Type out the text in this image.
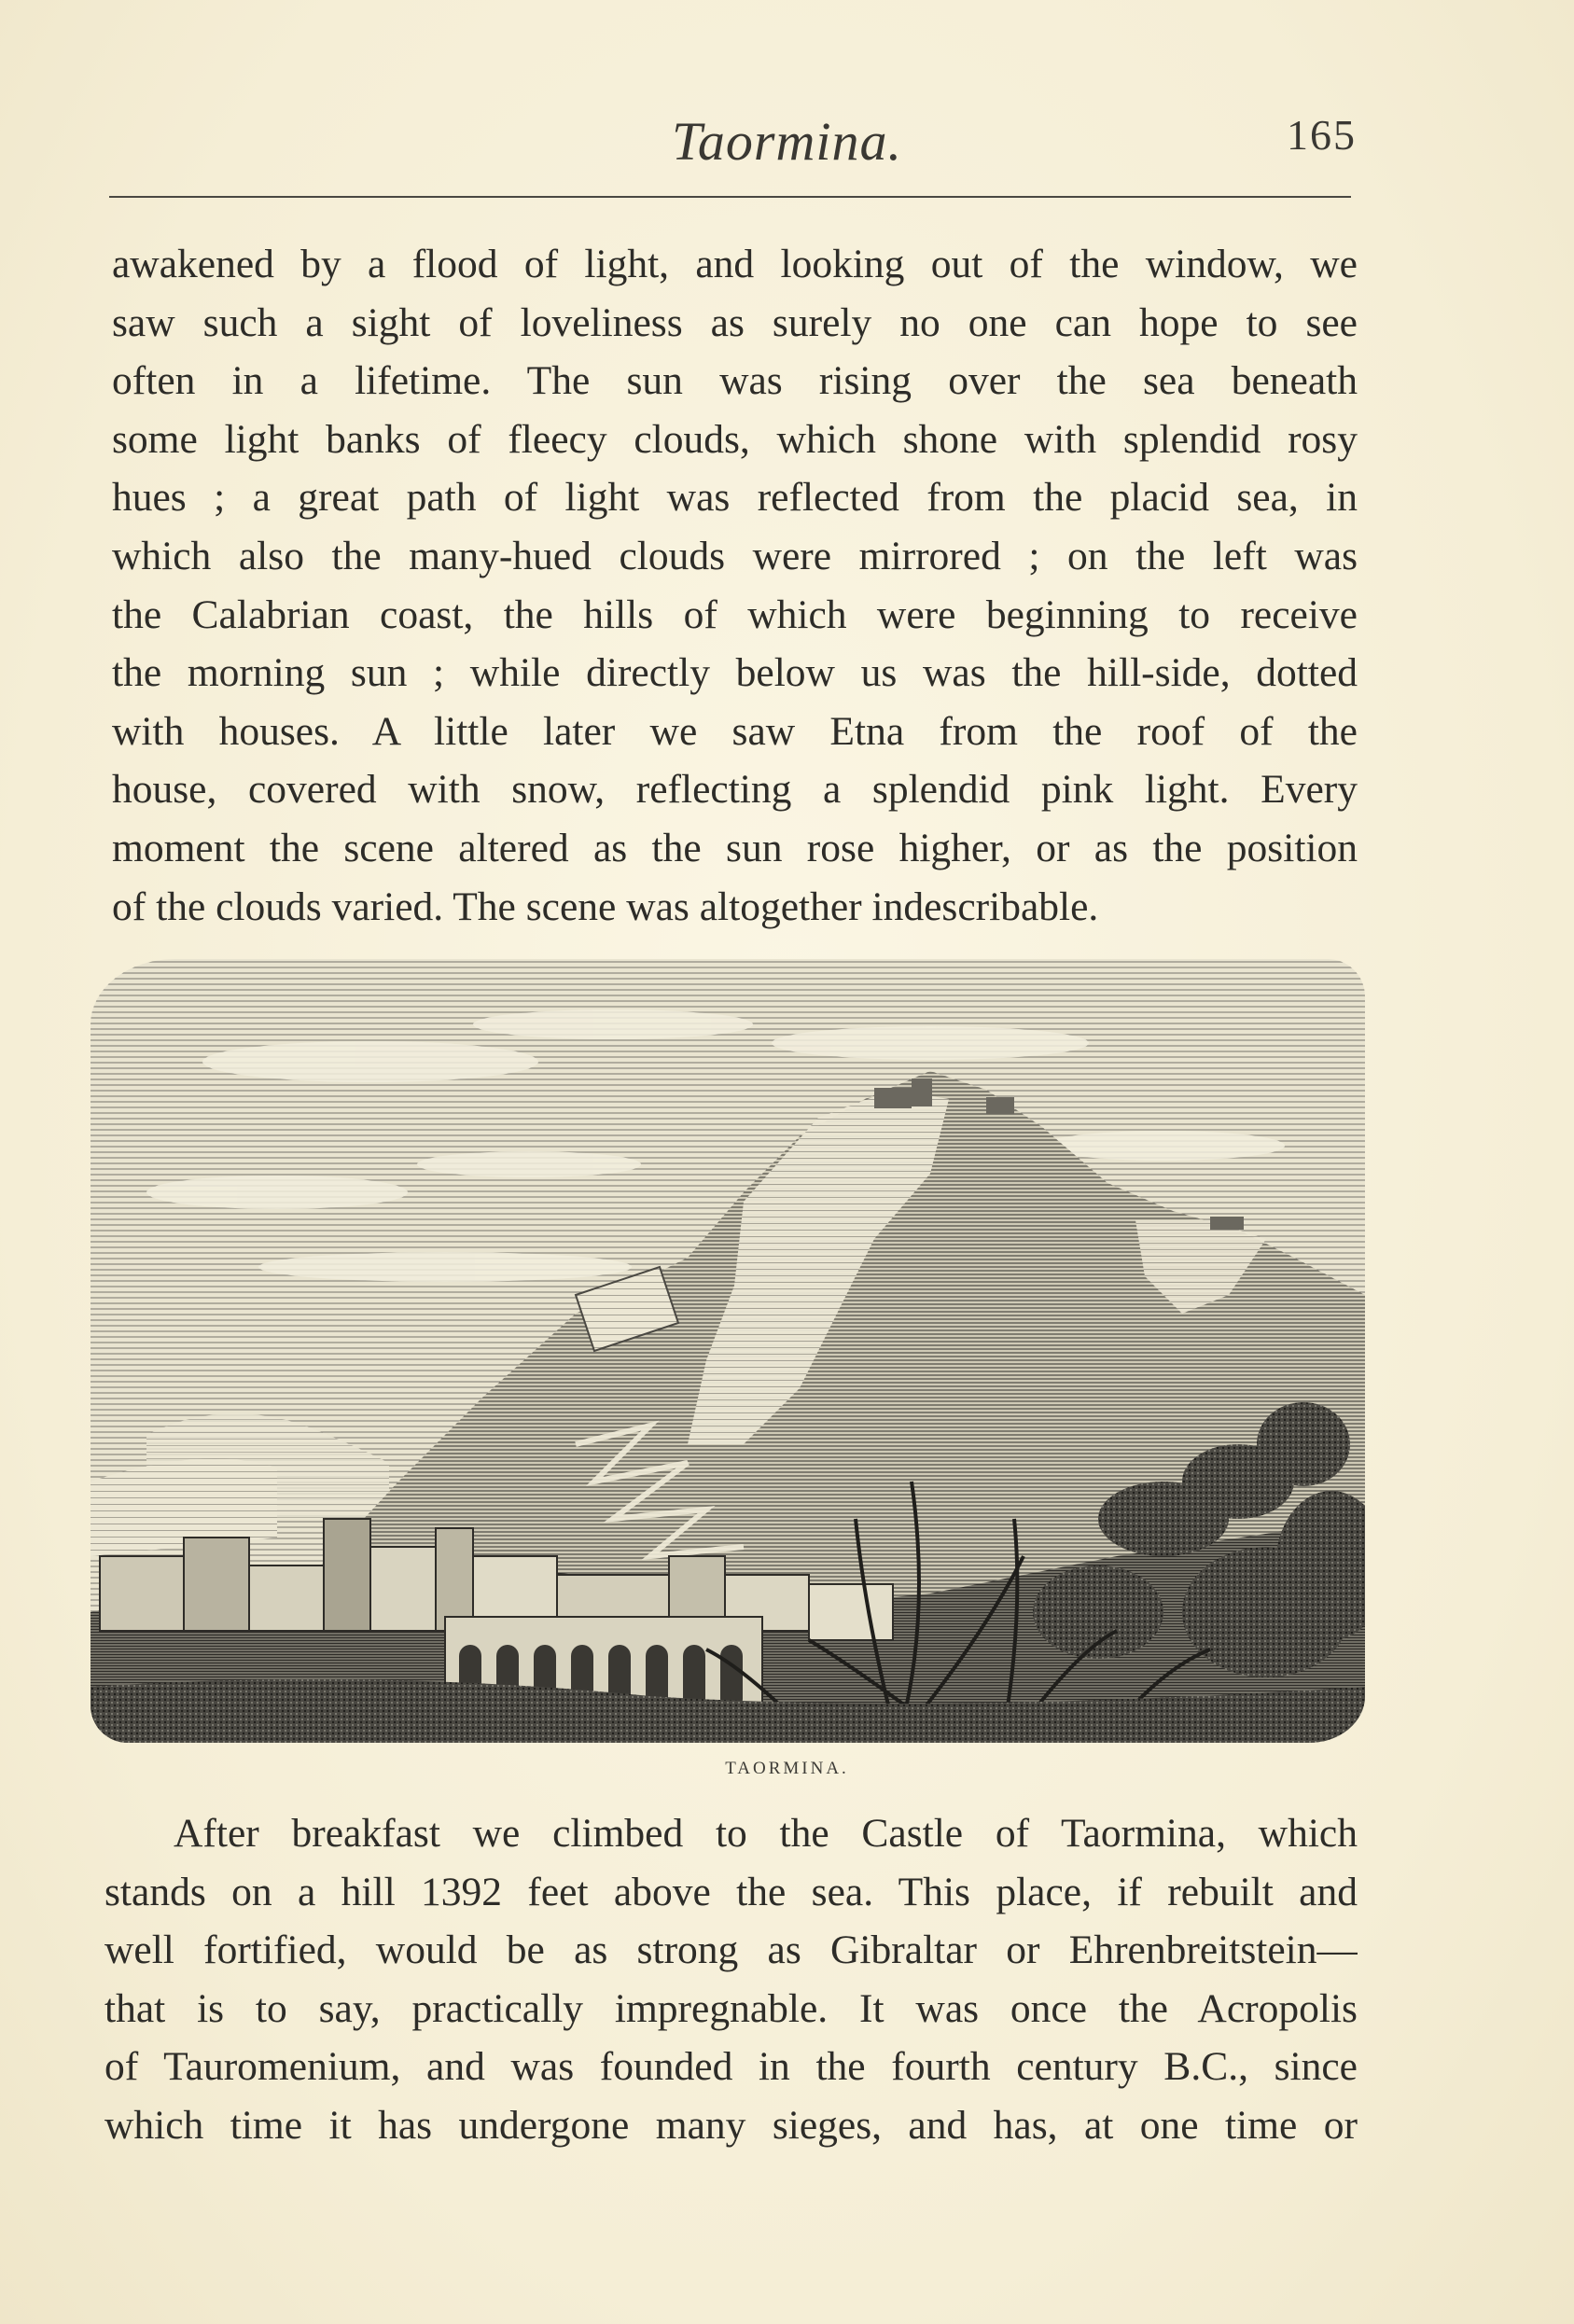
Taormina.	165
awakened by a flood of light, and looking out of the window, we
saw such a sight of loveliness as surely no one can hope to see
often in a lifetime. The sun was rising over the sea beneath
some light banks of fleecy clouds, which shone with splendid rosy
hues ; a great path of light was reflected from the placid sea, in
which also the many-hued clouds were mirrored ; on the left was
the Calabrian coast, the hills of which were beginning to receive
the morning sun ; while directly below us was the hill-side, dotted
with houses. A little later we saw Etna from the roof of the
house, covered with snow, reflecting a splendid pink light. Every
moment the scene altered as the sun rose higher, or as the position
of the clouds varied. The scene was altogether indescribable.
TAORMINA.
After breakfast we climbed to the Castle of Taormina, which
stands on a hill 1392 feet above the sea. This place, if rebuilt and
well fortified, would be as strong as Gibraltar or Ehrenbreitstein—
that is to say, practically impregnable. It was once the Acropolis
of Tauromenium, and was founded in the fourth century B.C., since
which time it has undergone many sieges, and has, at one time or
